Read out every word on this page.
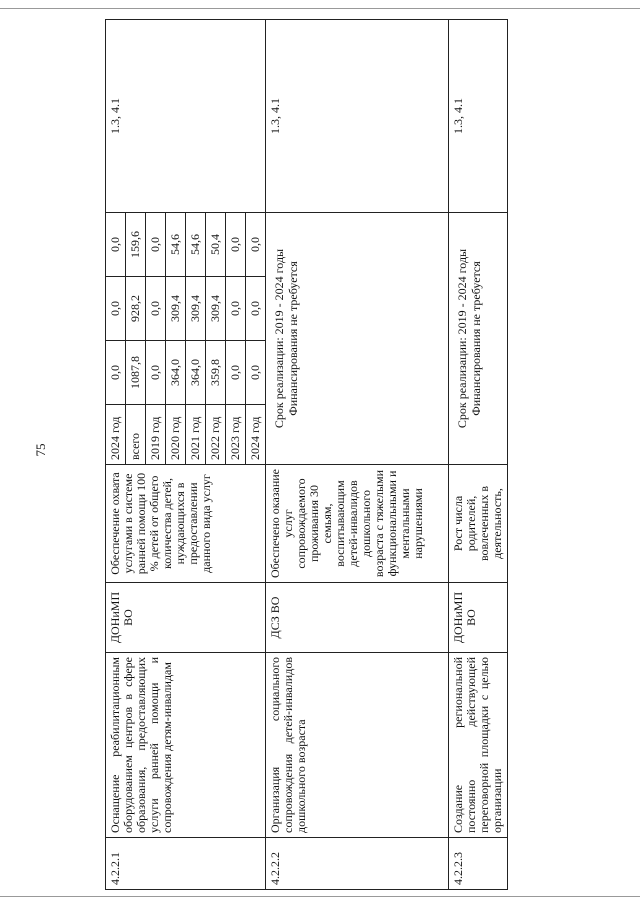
75
4.2.2.1	Оснащение реабилитационным оборудованием центров в сфере образования, предоставляющих услуги ранней помощи и сопровождения детям-инвалидам	ДОНиМП ВО	Обеспечение охвата услугами в системе ранней помощи 100 % детей от общего количества детей, нуждающихся в предоставлении данного вида услуг	2024 год	0,0	0,0	0,0	1.3, 4.1
				всего	1087,8	928,2	159,6	
				2019 год	0,0	0,0	0,0	
				2020 год	364,0	309,4	54,6	
				2021 год	364,0	309,4	54,6	
				2022 год	359,8	309,4	50,4	
				2023 год	0,0	0,0	0,0	
				2024 год	0,0	0,0	0,0	
4.2.2.2	Организация социального сопровождения детей-инвалидов дошкольного возраста	ДСЗ ВО	Обеспечено оказание услуг сопровождаемого проживания 30 семьям, воспитывающим детей-инвалидов дошкольного возраста с тяжелыми функциональными и ментальными нарушениями	Срок реализации: 2019 - 2024 годы Финансирования не требуется				1.3, 4.1
4.2.2.3	Создание региональной постоянно действующей переговорной площадки с целью организации	ДОНиМП ВО	Рост числа родителей, вовлеченных в деятельность,	Срок реализации: 2019 - 2024 годы Финансирования не требуется				1.3, 4.1
